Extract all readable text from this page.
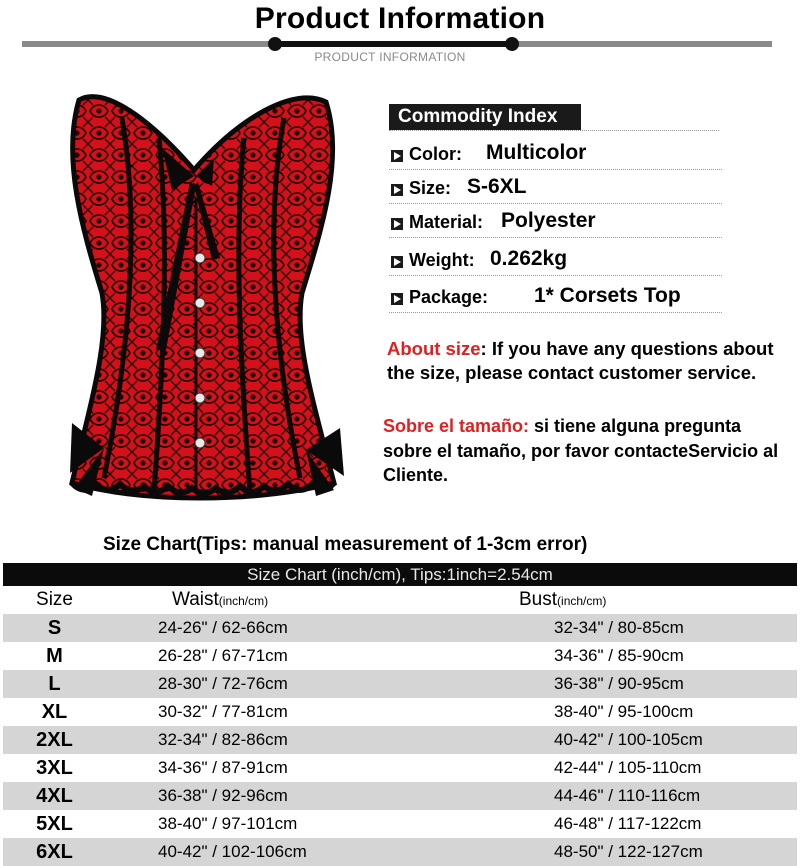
Product Information
PRODUCT INFORMATION
Commodity Index
Color: Multicolor
Size: S-6XL
Material: Polyester
Weight: 0.262kg
Package: 1* Corsets Top
About size: If you have any questions about the size, please contact customer service.
Sobre el tamaño: si tiene alguna pregunta sobre el tamaño, por favor contacteServicio al Cliente.
Size Chart(Tips: manual measurement of 1-3cm error)
Size Chart (inch/cm), Tips:1inch=2.54cm
Size	Waist(inch/cm)	Bust(inch/cm)
S	24-26" / 62-66cm	32-34" / 80-85cm
M	26-28" / 67-71cm	34-36" / 85-90cm
L	28-30" / 72-76cm	36-38" / 90-95cm
XL	30-32" / 77-81cm	38-40" / 95-100cm
2XL	32-34" / 82-86cm	40-42" / 100-105cm
3XL	34-36" / 87-91cm	42-44" / 105-110cm
4XL	36-38" / 92-96cm	44-46" / 110-116cm
5XL	38-40" / 97-101cm	46-48" / 117-122cm
6XL	40-42" / 102-106cm	48-50" / 122-127cm
